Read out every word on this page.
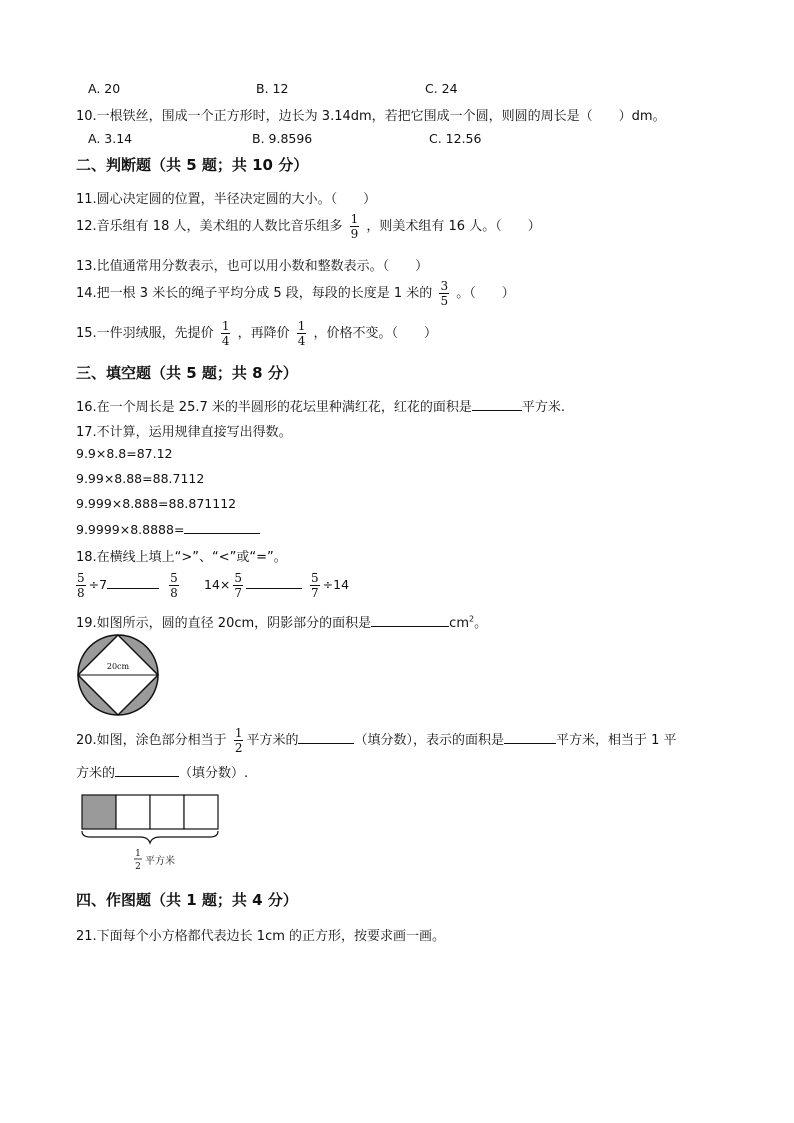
A. 20	B. 12	C. 24
10.一根铁丝，围成一个正方形时，边长为 3.14dm，若把它围成一个圆，则圆的周长是（　　）dm。
A. 3.14	B. 9.8596	C. 12.56
二、判断题（共 5 题；共 10 分）
11.圆心决定圆的位置，半径决定圆的大小。（　　）
12.音乐组有 18 人，美术组的人数比音乐组多 $\frac{1}{9}$ ，则美术组有 16 人。（　　）
13.比值通常用分数表示，也可以用小数和整数表示。（　　）
14.把一根 3 米长的绳子平均分成 5 段，每段的长度是 1 米的 $\frac{3}{5}$ 。（　　）
15.一件羽绒服，先提价 $\frac{1}{4}$ ，再降价 $\frac{1}{4}$ ，价格不变。（　　）
三、填空题（共 5 题；共 8 分）
16.在一个周长是 25.7 米的半圆形的花坛里种满红花，红花的面积是	平方米.
17.不计算，运用规律直接写出得数。
9.9×8.8=87.12
9.99×8.88=88.7112
9.999×8.888=88.871112
9.9999×8.8888=
18.在横线上填上“>”、“<”或“=”。
$\frac{5}{8} \div 7$	$\frac{5}{8} 14\times \frac{5}{7}$
	$\frac{5}{7} \div 14$
19.如图所示，圆的直径 20cm，阴影部分的面积是	$cm^2$。
20cm
20.如图，涂色部分相当于 $\frac{1}{2}$ 平方米的	（填分数），表示的面积是	平方米，相当于 1 平
方米的	（填分数）.
1
2 平方米
四、作图题（共 1 题；共 4 分）
21.下面每个小方格都代表边长 1cm 的正方形，按要求画一画。
